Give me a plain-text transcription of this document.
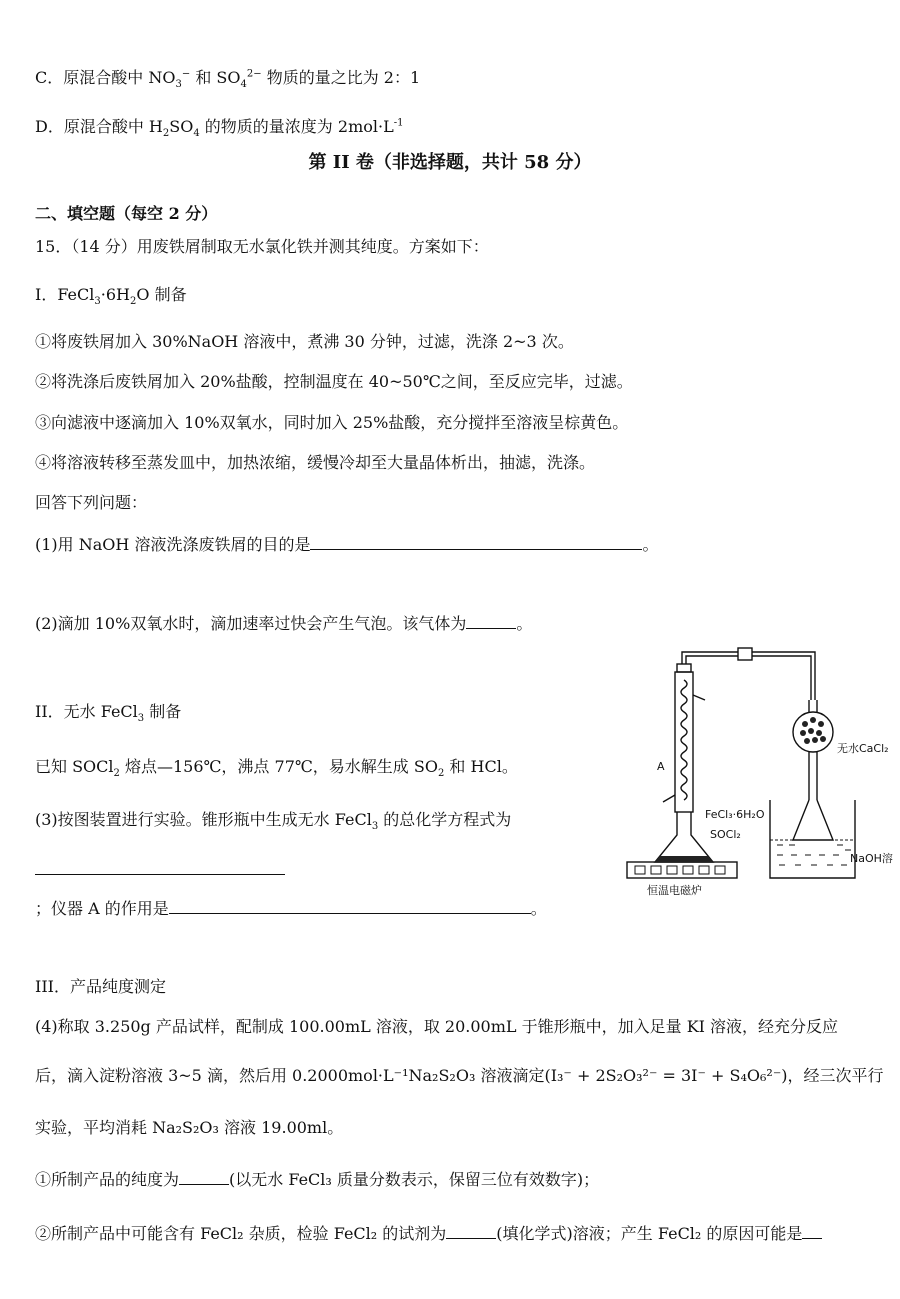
C．原混合酸中 $NO_3^-$ 和 $SO_4^{2-}$ 物质的量之比为 2：1
D．原混合酸中 $H_2SO_4$ 的物质的量浓度为 $2mol\cdot L^{-1}$
第 II 卷（非选择题，共计 58 分）
二、填空题（每空 2 分）
15．（14 分）用废铁屑制取无水氯化铁并测其纯度。方案如下：
I．$FeCl_3\cdot 6H_2O$ 制备
①将废铁屑加入 30%NaOH 溶液中，煮沸 30 分钟，过滤，洗涤 2~3 次。
②将洗涤后废铁屑加入 20%盐酸，控制温度在 40~50℃之间，至反应完毕，过滤。
③向滤液中逐滴加入 10%双氧水，同时加入 25%盐酸，充分搅拌至溶液呈棕黄色。
④将溶液转移至蒸发皿中，加热浓缩，缓慢冷却至大量晶体析出，抽滤，洗涤。
回答下列问题：
(1)用 NaOH 溶液洗涤废铁屑的目的是	。
(2)滴加 10%双氧水时，滴加速率过快会产生气泡。该气体为	。
II．无水 FeCl$_3$ 制备
已知 SOCl$_2$ 熔点—156℃，沸点 77℃，易水解生成 $SO_2$ 和 HCl。
(3)按图装置进行实验。锥形瓶中生成无水 FeCl$_3$ 的总化学方程式为
；仪器 A 的作用是	。
III．产品纯度测定
(4)称取 3.250g 产品试样，配制成 100.00mL 溶液，取 20.00mL 于锥形瓶中，加入足量 KI 溶液，经充分反应
后，滴入淀粉溶液 3~5 滴，然后用 0.2000mol·L⁻¹Na₂S₂O₃ 溶液滴定(I₃⁻ + 2S₂O₃²⁻ = 3I⁻ + S₄O₆²⁻)，经三次平行
实验，平均消耗 Na₂S₂O₃ 溶液 19.00ml。
①所制产品的纯度为	(以无水 FeCl₃ 质量分数表示，保留三位有效数字)；
②所制产品中可能含有 FeCl₂ 杂质，检验 FeCl₂ 的试剂为	(填化学式)溶液；产生 FeCl₂ 的原因可能是
A
无水CaCl₂
FeCl₃·6H₂O
SOCl₂
NaOH溶
恒温电磁炉
